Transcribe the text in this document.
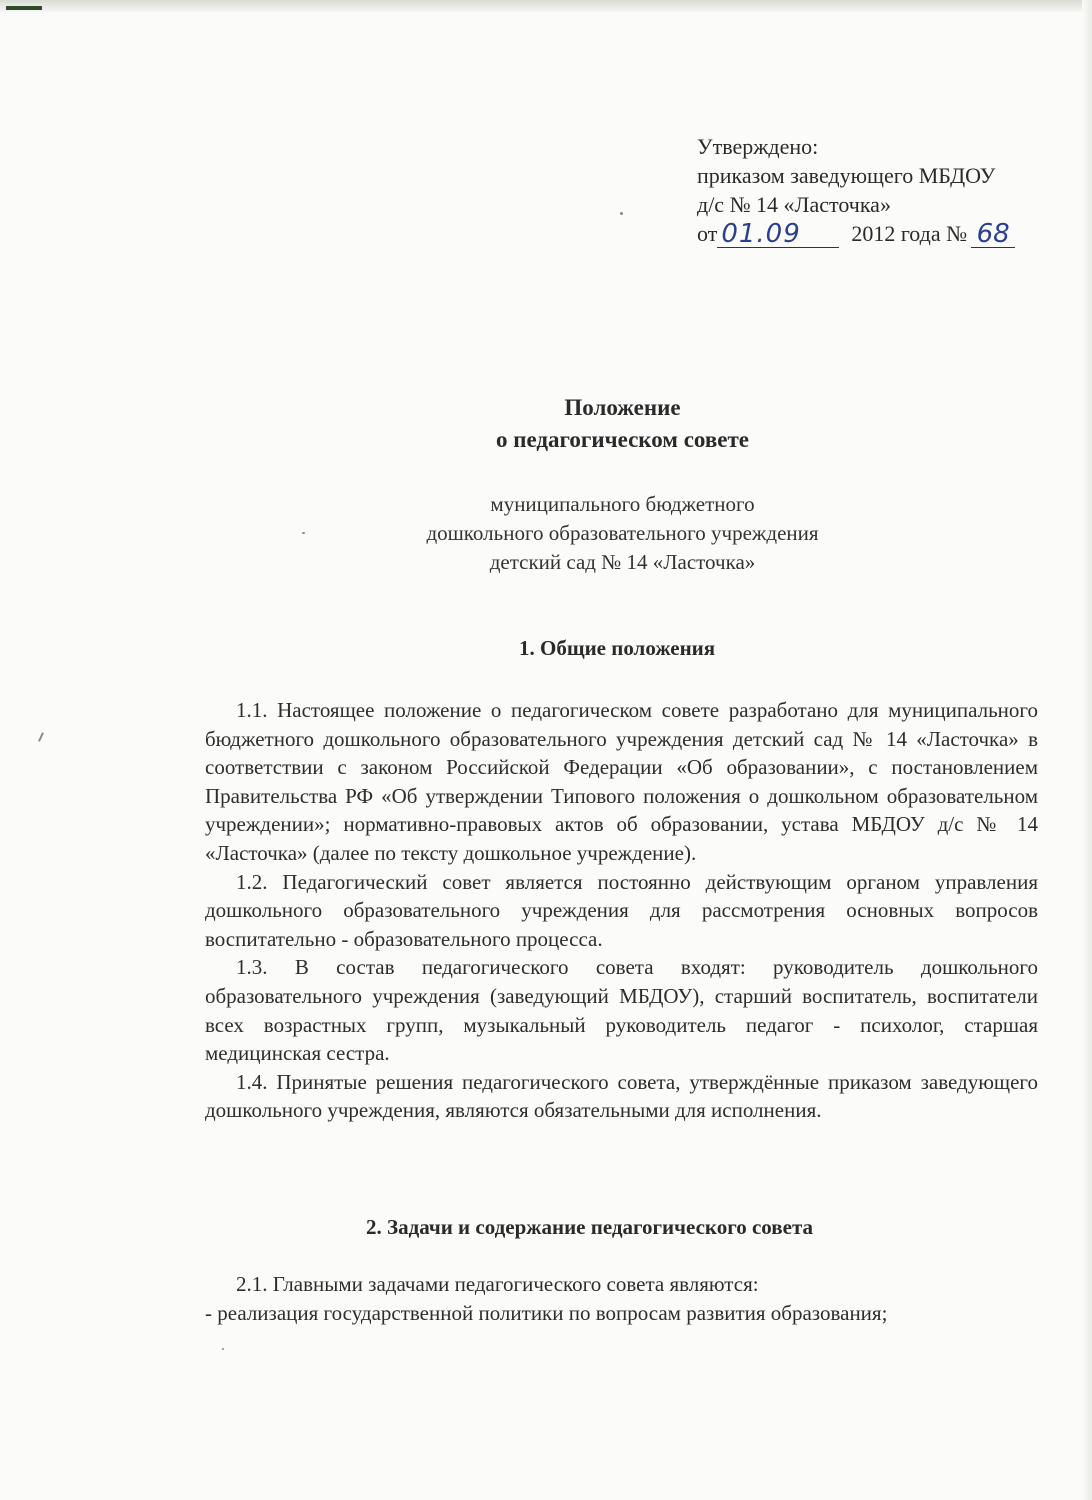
Утверждено:
приказом заведующего МБДОУ
д/с № 14 «Ласточка»
от 01.09	2012 года № 68
Положение
о педагогическом совете
муниципального бюджетного
дошкольного образовательного учреждения
детский сад № 14 «Ласточка»
1. Общие положения

1.1. Настоящее положение о педагогическом совете разработано для муниципального бюджетного дошкольного образовательного учреждения детский сад № 14 «Ласточка» в соответствии с законом Российской Федерации «Об образовании», с постановлением Правительства РФ «Об утверждении Типового положения о дошкольном образовательном учреждении»; нормативно-правовых актов об образовании, устава МБДОУ д/с № 14 «Ласточка» (далее по тексту дошкольное учреждение).

1.2. Педагогический совет является постоянно действующим органом управления дошкольного образовательного учреждения для рассмотрения основных вопросов воспитательно - образовательного процесса.

1.3. В состав педагогического совета входят: руководитель дошкольного образовательного учреждения (заведующий МБДОУ), старший воспитатель, воспитатели всех возрастных групп, музыкальный руководитель педагог - психолог, старшая медицинская сестра.

1.4. Принятые решения педагогического совета, утверждённые приказом заведующего дошкольного учреждения, являются обязательными для исполнения.

2. Задачи и содержание педагогического совета

2.1. Главными задачами педагогического совета являются:

- реализация государственной политики по вопросам развития образования;
